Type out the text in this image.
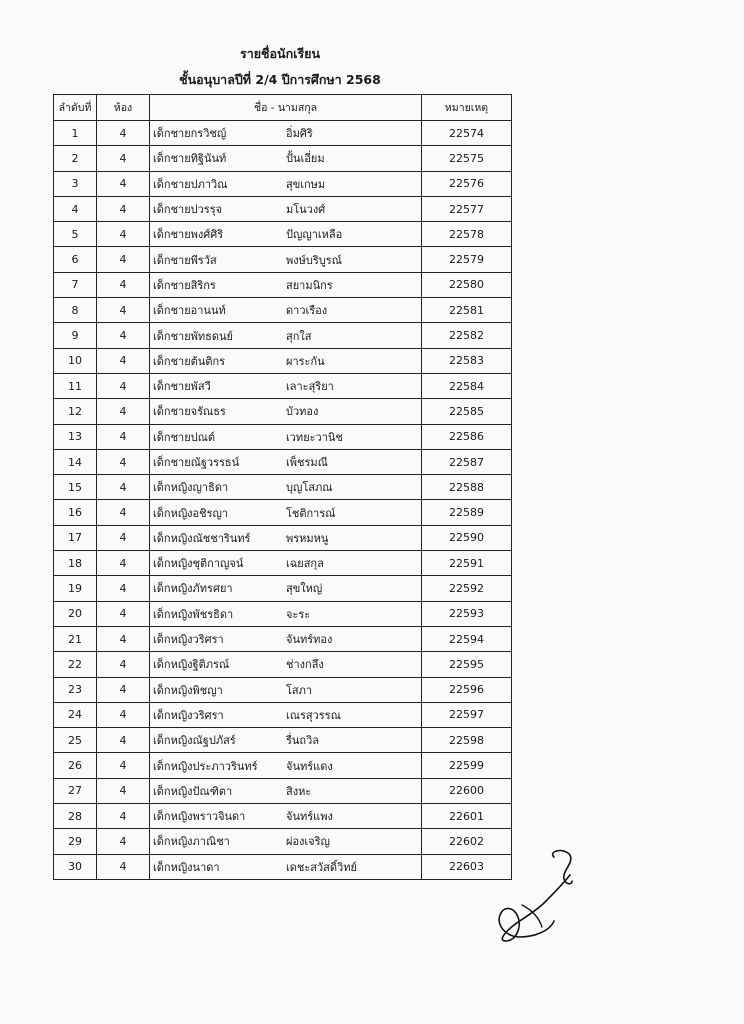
รายชื่อนักเรียน
ชั้นอนุบาลปีที่ 2/4 ปีการศึกษา 2568
ลำดับที่	ห้อง	ชื่อ - นามสกุล	หมายเหตุ
1	4	เด็กชายกรวิชญ์ อิ่มศิริ	22574
2	4	เด็กชายทิฐินันท์ ปั้นเอี่ยม	22575
3	4	เด็กชายปภาวิณ สุขเกษม	22576
4	4	เด็กชายปวรรุจ มโนวงศ์	22577
5	4	เด็กชายพงศ์ศิริ ปัญญาเหลือ	22578
6	4	เด็กชายพีรวัส พงษ์บริบูรณ์	22579
7	4	เด็กชายสิริกร สยามนิกร	22580
8	4	เด็กชายอานนท์ ดาวเรือง	22581
9	4	เด็กชายพัทธดนย์ สุกใส	22582
10	4	เด็กชายต้นติกร ผาระกัน	22583
11	4	เด็กชายพัสวี เลาะสุริยา	22584
12	4	เด็กชายจรัณธร บัวทอง	22585
13	4	เด็กชายปณต์ เวทยะวานิช	22586
14	4	เด็กชายณัฐวรรธน์ เพ็ชรมณี	22587
15	4	เด็กหญิงญาธิดา บุญโสภณ	22588
16	4	เด็กหญิงอชิรญา โชติการณ์	22589
17	4	เด็กหญิงณัชชารินทร์ พรหมหนู	22590
18	4	เด็กหญิงชุติกาญจน์ เฉยสกุล	22591
19	4	เด็กหญิงภัทรศยา สุขใหญ่	22592
20	4	เด็กหญิงพัชรธิดา จะระ	22593
21	4	เด็กหญิงวริศรา จันทร์ทอง	22594
22	4	เด็กหญิงฐิติภรณ์ ช่างกลึง	22595
23	4	เด็กหญิงพิชญา โสภา	22596
24	4	เด็กหญิงวริศรา เณรสุวรรณ	22597
25	4	เด็กหญิงณัฐปภัสร์ รื่นถวิล	22598
26	4	เด็กหญิงประภาวรินทร์ จันทร์แดง	22599
27	4	เด็กหญิงปัณฑิตา สิงหะ	22600
28	4	เด็กหญิงพราวจินดา จันทร์แพง	22601
29	4	เด็กหญิงภาณิชา ผ่องเจริญ	22602
30	4	เด็กหญิงนาดา เดชะสวัสดิ์วิทย์	22603
